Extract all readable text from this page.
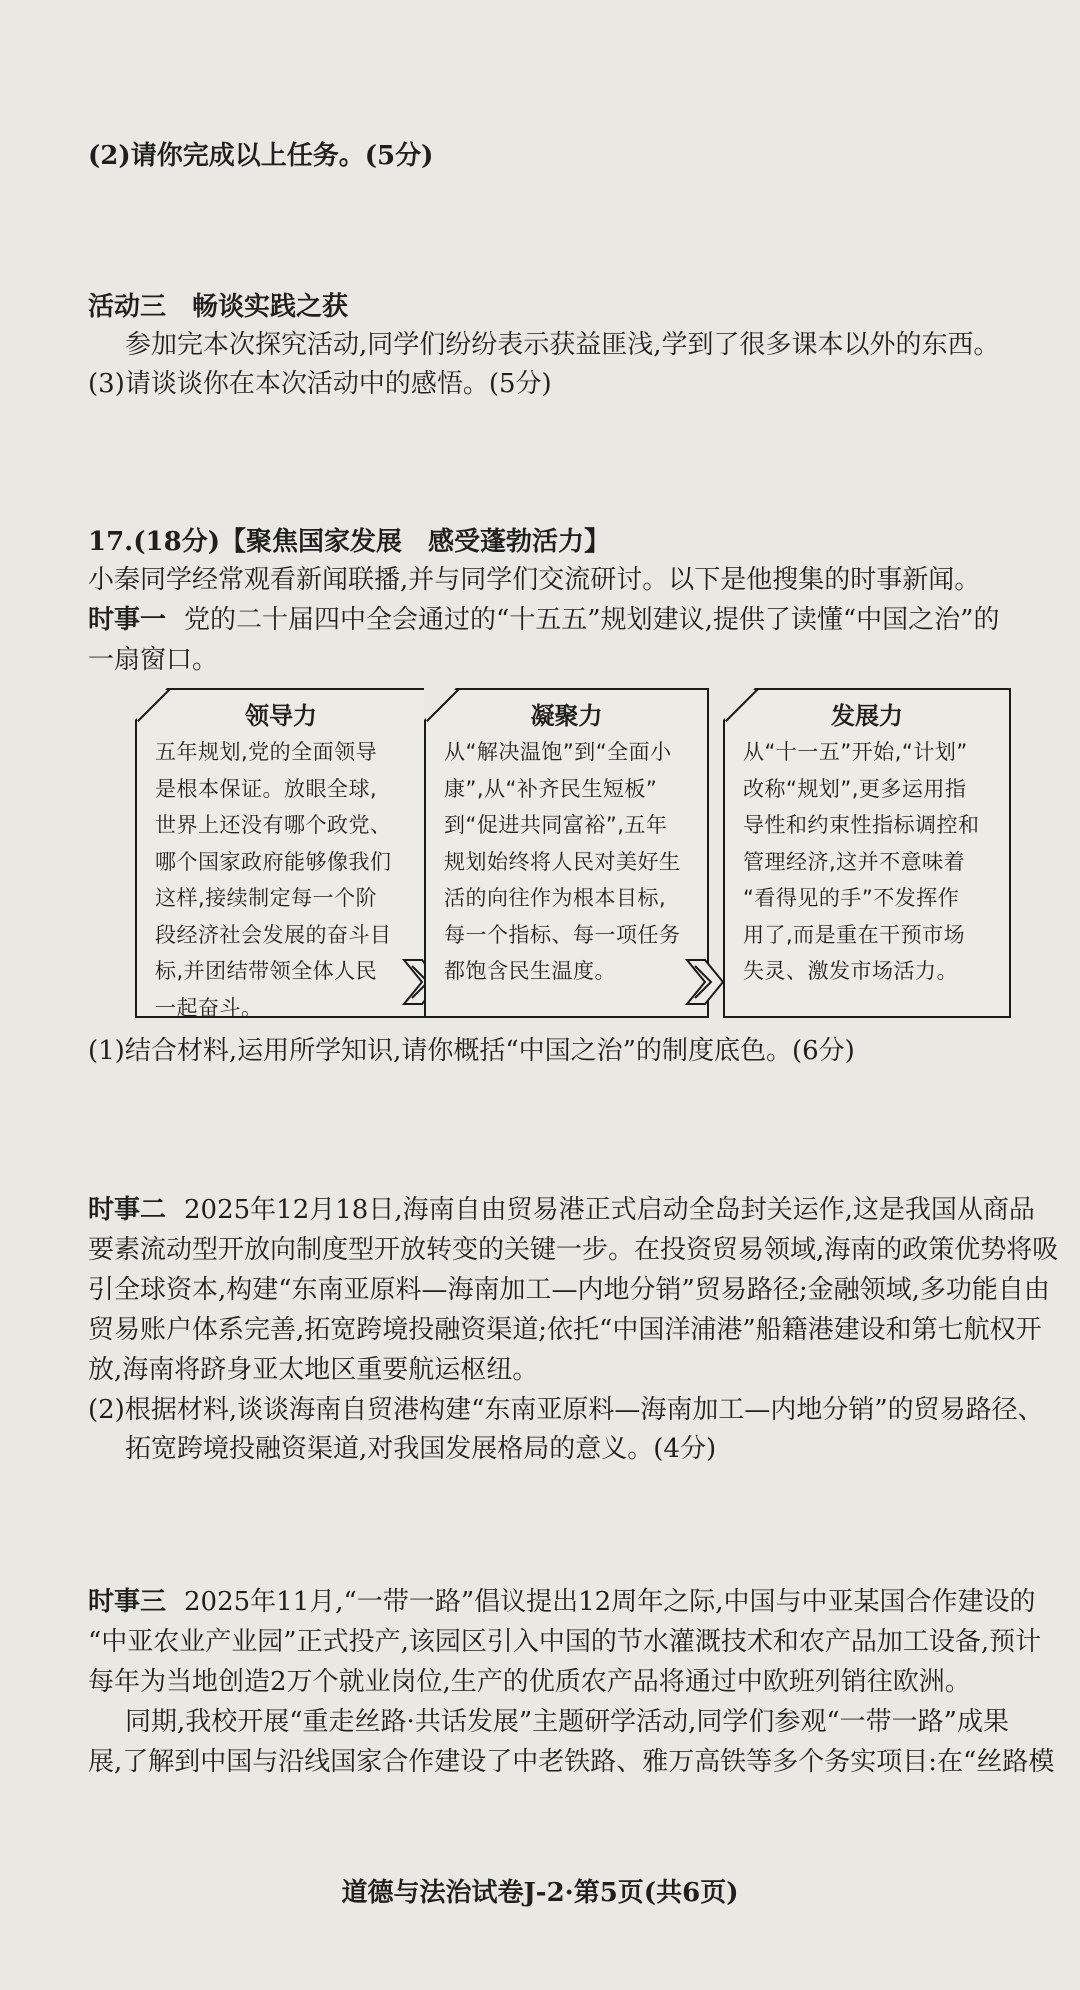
(2)请你完成以上任务。(5分)
活动三　畅谈实践之获
参加完本次探究活动,同学们纷纷表示获益匪浅,学到了很多课本以外的东西。
(3)请谈谈你在本次活动中的感悟。(5分)
17.(18分)【聚焦国家发展　感受蓬勃活力】
小秦同学经常观看新闻联播,并与同学们交流研讨。以下是他搜集的时事新闻。
时事一 党的二十届四中全会通过的“十五五”规划建议,提供了读懂“中国之治”的
一扇窗口。
领导力
五年规划,党的全面领导
是根本保证。放眼全球,
世界上还没有哪个政党、
哪个国家政府能够像我们
这样,接续制定每一个阶
段经济社会发展的奋斗目
标,并团结带领全体人民
一起奋斗。
凝聚力
从“解决温饱”到“全面小
康”,从“补齐民生短板”
到“促进共同富裕”,五年
规划始终将人民对美好生
活的向往作为根本目标,
每一个指标、每一项任务
都饱含民生温度。
发展力
从“十一五”开始,“计划”
改称“规划”,更多运用指
导性和约束性指标调控和
管理经济,这并不意味着
“看得见的手”不发挥作
用了,而是重在干预市场
失灵、激发市场活力。
(1)结合材料,运用所学知识,请你概括“中国之治”的制度底色。(6分)
时事二 2025年12月18日,海南自由贸易港正式启动全岛封关运作,这是我国从商品
要素流动型开放向制度型开放转变的关键一步。在投资贸易领域,海南的政策优势将吸
引全球资本,构建“东南亚原料—海南加工—内地分销”贸易路径;金融领域,多功能自由
贸易账户体系完善,拓宽跨境投融资渠道;依托“中国洋浦港”船籍港建设和第七航权开
放,海南将跻身亚太地区重要航运枢纽。
(2)根据材料,谈谈海南自贸港构建“东南亚原料—海南加工—内地分销”的贸易路径、
拓宽跨境投融资渠道,对我国发展格局的意义。(4分)
时事三 2025年11月,“一带一路”倡议提出12周年之际,中国与中亚某国合作建设的
“中亚农业产业园”正式投产,该园区引入中国的节水灌溉技术和农产品加工设备,预计
每年为当地创造2万个就业岗位,生产的优质农产品将通过中欧班列销往欧洲。
同期,我校开展“重走丝路·共话发展”主题研学活动,同学们参观“一带一路”成果
展,了解到中国与沿线国家合作建设了中老铁路、雅万高铁等多个务实项目:在“丝路模
道德与法治试卷J-2·第5页(共6页)
